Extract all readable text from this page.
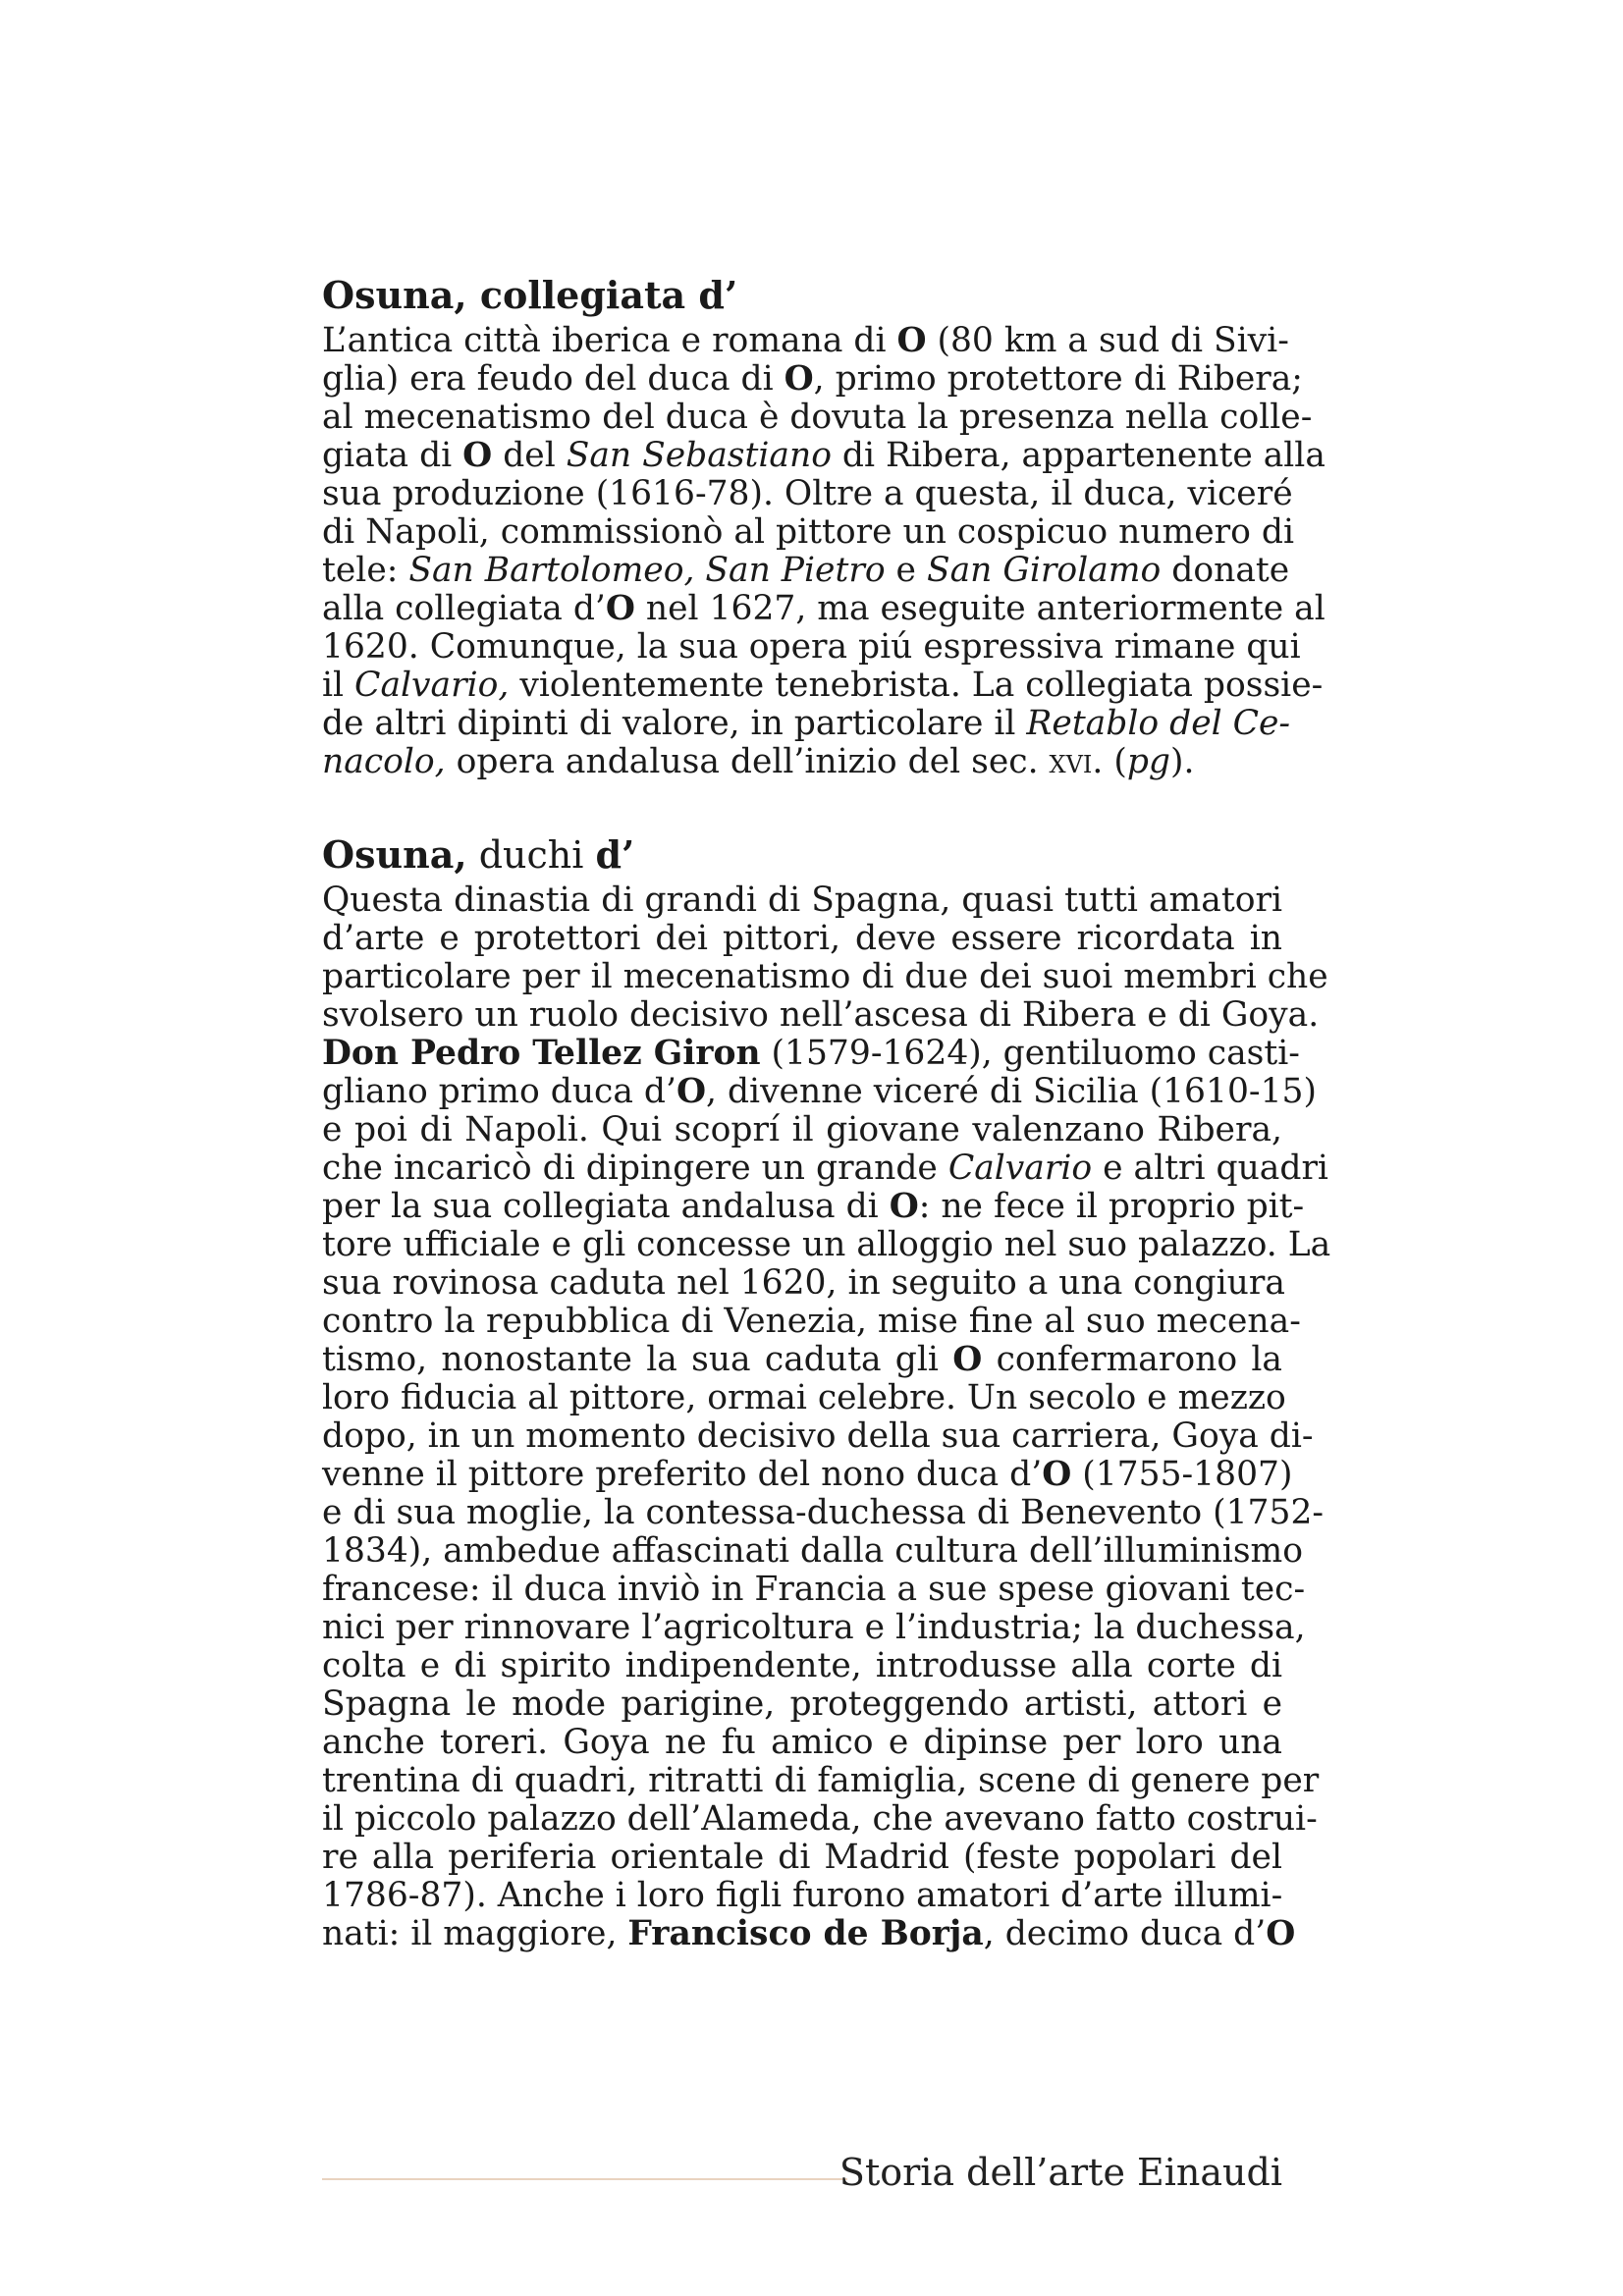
Osuna, collegiata d’
L’antica città iberica e romana di O (80 km a sud di Sivi-
glia) era feudo del duca di O, primo protettore di Ribera;
al mecenatismo del duca è dovuta la presenza nella colle-
giata di O del San Sebastiano di Ribera, appartenente alla
sua produzione (1616-78). Oltre a questa, il duca, viceré
di Napoli, commissionò al pittore un cospicuo numero di
tele: San Bartolomeo, San Pietro e San Girolamo donate
alla collegiata d’O nel 1627, ma eseguite anteriormente al
1620. Comunque, la sua opera piú espressiva rimane qui
il Calvario, violentemente tenebrista. La collegiata possie-
de altri dipinti di valore, in particolare il Retablo del Ce-
nacolo, opera andalusa dell’inizio del sec. xvi. (pg).
Osuna, duchi d’
Questa dinastia di grandi di Spagna, quasi tutti amatori
d’arte e protettori dei pittori, deve essere ricordata in
particolare per il mecenatismo di due dei suoi membri che
svolsero un ruolo decisivo nell’ascesa di Ribera e di Goya.
Don Pedro Tellez Giron (1579-1624), gentiluomo casti-
gliano primo duca d’O, divenne viceré di Sicilia (1610-15)
e poi di Napoli. Qui scoprí il giovane valenzano Ribera,
che incaricò di dipingere un grande Calvario e altri quadri
per la sua collegiata andalusa di O: ne fece il proprio pit-
tore ufficiale e gli concesse un alloggio nel suo palazzo. La
sua rovinosa caduta nel 1620, in seguito a una congiura
contro la repubblica di Venezia, mise fine al suo mecena-
tismo, nonostante la sua caduta gli O confermarono la
loro fiducia al pittore, ormai celebre. Un secolo e mezzo
dopo, in un momento decisivo della sua carriera, Goya di-
venne il pittore preferito del nono duca d’O (1755-1807)
e di sua moglie, la contessa-duchessa di Benevento (1752-
1834), ambedue affascinati dalla cultura dell’illuminismo
francese: il duca inviò in Francia a sue spese giovani tec-
nici per rinnovare l’agricoltura e l’industria; la duchessa,
colta e di spirito indipendente, introdusse alla corte di
Spagna le mode parigine, proteggendo artisti, attori e
anche toreri. Goya ne fu amico e dipinse per loro una
trentina di quadri, ritratti di famiglia, scene di genere per
il piccolo palazzo dell’Alameda, che avevano fatto costrui-
re alla periferia orientale di Madrid (feste popolari del
1786-87). Anche i loro figli furono amatori d’arte illumi-
nati: il maggiore, Francisco de Borja, decimo duca d’O
Storia dell’arte Einaudi
